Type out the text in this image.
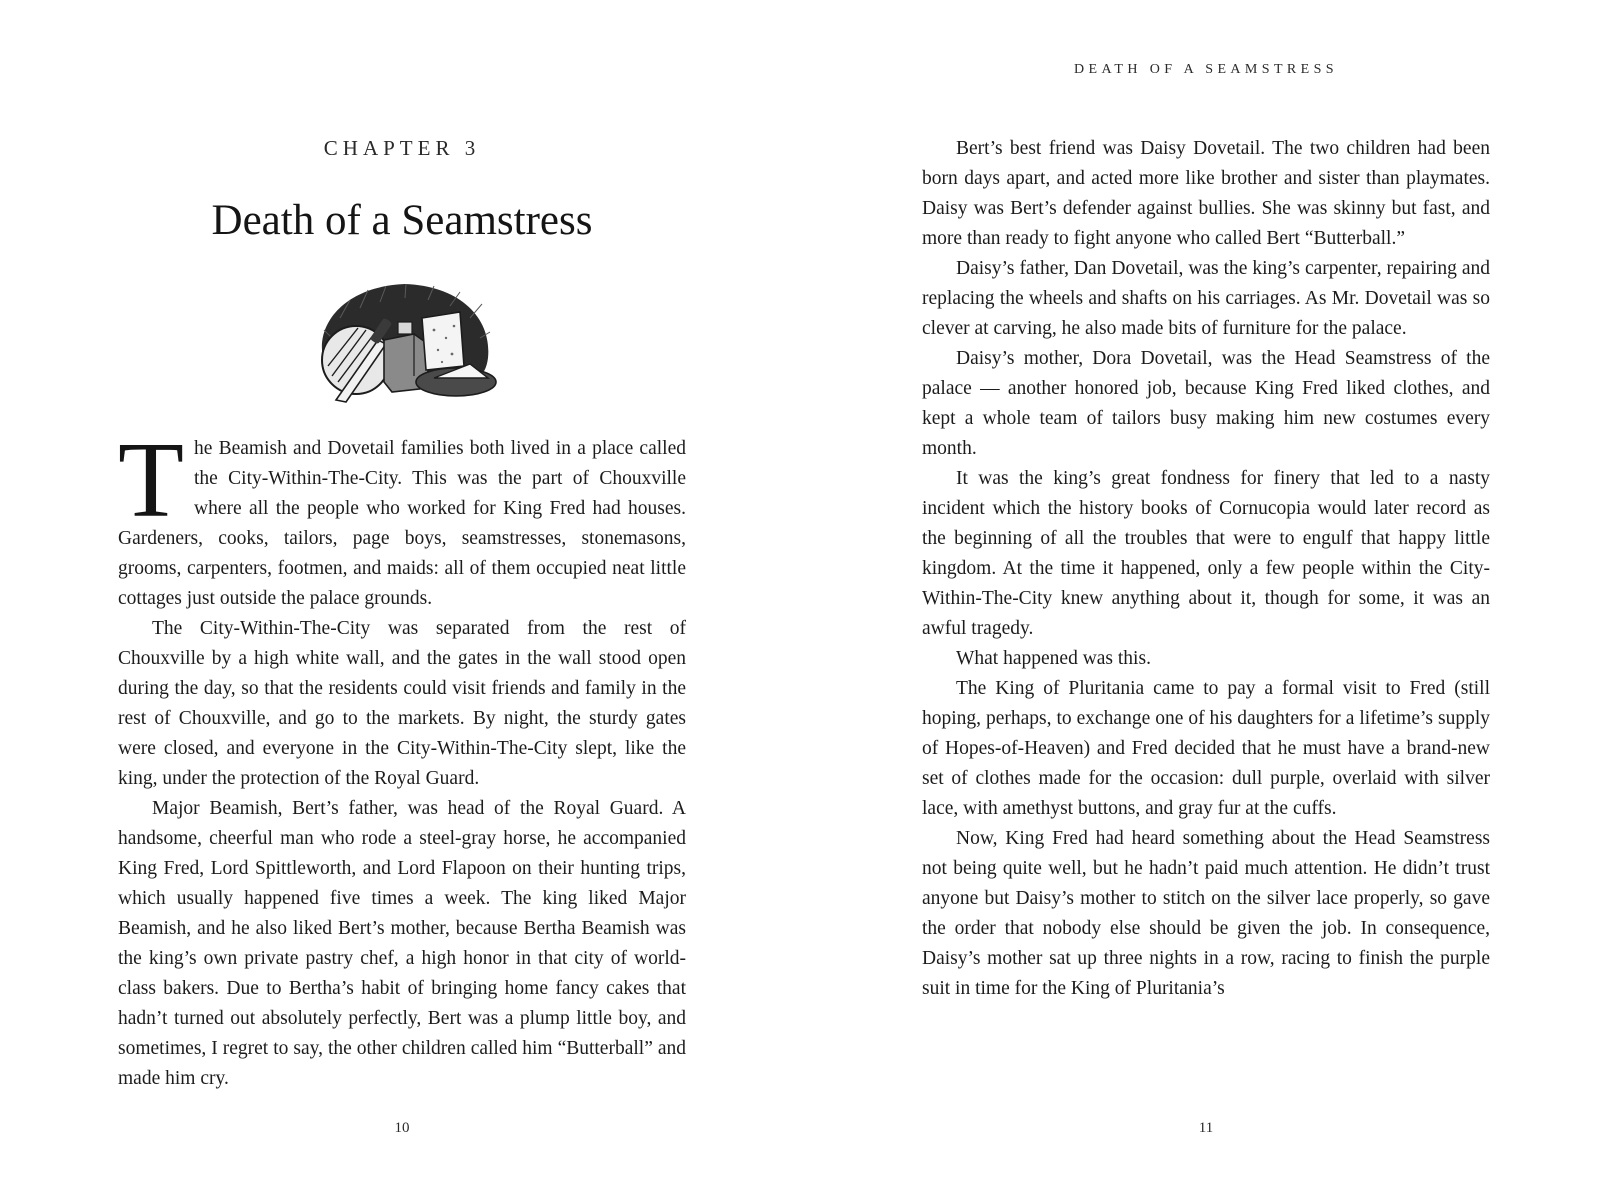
CHAPTER 3
Death of a Seamstress

The Beamish and Dovetail families both lived in a place called the City-Within-The-City. This was the part of Chouxville where all the people who worked for King Fred had houses. Gardeners, cooks, tailors, page boys, seamstresses, stonemasons, grooms, carpenters, footmen, and maids: all of them occupied neat little cottages just outside the palace grounds.

The City-Within-The-City was separated from the rest of Chouxville by a high white wall, and the gates in the wall stood open during the day, so that the residents could visit friends and family in the rest of Chouxville, and go to the markets. By night, the sturdy gates were closed, and everyone in the City-Within-The-City slept, like the king, under the protection of the Royal Guard.

Major Beamish, Bert’s father, was head of the Royal Guard. A handsome, cheerful man who rode a steel-gray horse, he accompanied King Fred, Lord Spittleworth, and Lord Flapoon on their hunting trips, which usually happened five times a week. The king liked Major Beamish, and he also liked Bert’s mother, because Bertha Beamish was the king’s own private pastry chef, a high honor in that city of world-class bakers. Due to Bertha’s habit of bringing home fancy cakes that hadn’t turned out absolutely perfectly, Bert was a plump little boy, and sometimes, I regret to say, the other children called him “Butterball” and made him cry.

10
DEATH OF A SEAMSTRESS

Bert’s best friend was Daisy Dovetail. The two children had been born days apart, and acted more like brother and sister than playmates. Daisy was Bert’s defender against bullies. She was skinny but fast, and more than ready to fight anyone who called Bert “Butterball.”

Daisy’s father, Dan Dovetail, was the king’s carpenter, repairing and replacing the wheels and shafts on his carriages. As Mr. Dovetail was so clever at carving, he also made bits of furniture for the palace.

Daisy’s mother, Dora Dovetail, was the Head Seamstress of the palace — another honored job, because King Fred liked clothes, and kept a whole team of tailors busy making him new costumes every month.

It was the king’s great fondness for finery that led to a nasty incident which the history books of Cornucopia would later record as the beginning of all the troubles that were to engulf that happy little kingdom. At the time it happened, only a few people within the City-Within-The-City knew anything about it, though for some, it was an awful tragedy.

What happened was this.

The King of Pluritania came to pay a formal visit to Fred (still hoping, perhaps, to exchange one of his daughters for a lifetime’s supply of Hopes-of-Heaven) and Fred decided that he must have a brand-new set of clothes made for the occasion: dull purple, overlaid with silver lace, with amethyst buttons, and gray fur at the cuffs.

Now, King Fred had heard something about the Head Seamstress not being quite well, but he hadn’t paid much attention. He didn’t trust anyone but Daisy’s mother to stitch on the silver lace properly, so gave the order that nobody else should be given the job. In consequence, Daisy’s mother sat up three nights in a row, racing to finish the purple suit in time for the King of Pluritania’s

11
